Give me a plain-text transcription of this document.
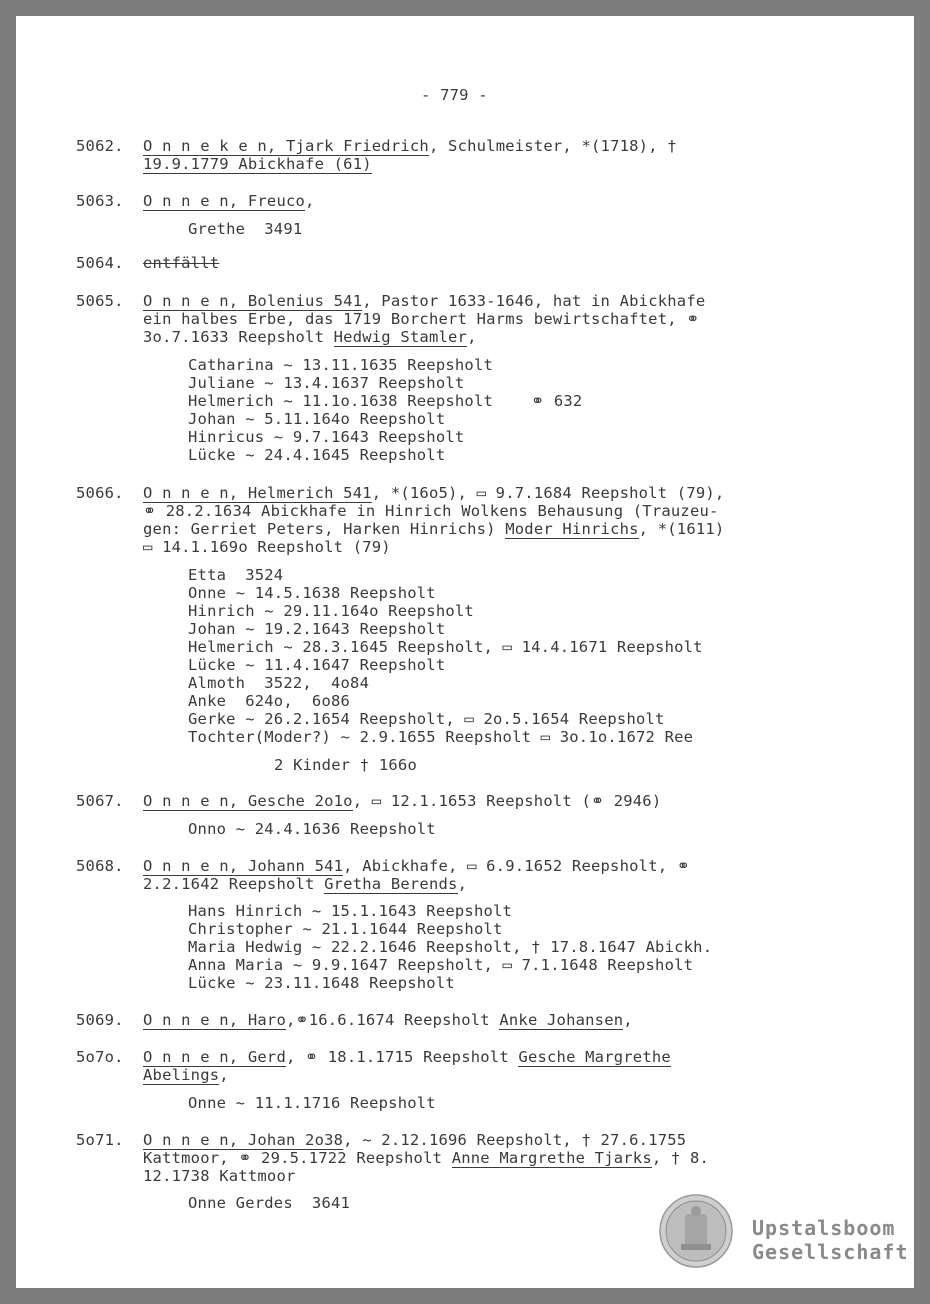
- 779 -
5062. O n n e k e n, Tjark Friedrich, Schulmeister, *(1718), †
19.9.1779 Abickhafe (61)
5063. O n n e n, Freuco,
Grethe  3491
5064. entfällt
5065. O n n e n, Bolenius 541, Pastor 1633-1646, hat in Abickhafe
ein halbes Erbe, das 1719 Borchert Harms bewirtschaftet, ⚭
3o.7.1633 Reepsholt Hedwig Stamler,
Catharina ~ 13.11.1635 Reepsholt
Juliane ~ 13.4.1637 Reepsholt
Helmerich ~ 11.1o.1638 Reepsholt    ⚭ 632
Johan ~ 5.11.164o Reepsholt
Hinricus ~ 9.7.1643 Reepsholt
Lücke ~ 24.4.1645 Reepsholt
5066. O n n e n, Helmerich 541, *(16o5), ▭ 9.7.1684 Reepsholt (79),
⚭ 28.2.1634 Abickhafe in Hinrich Wolkens Behausung (Trauzeu-
gen: Gerriet Peters, Harken Hinrichs) Moder Hinrichs, *(1611)
▭ 14.1.169o Reepsholt (79)
Etta  3524
Onne ~ 14.5.1638 Reepsholt
Hinrich ~ 29.11.164o Reepsholt
Johan ~ 19.2.1643 Reepsholt
Helmerich ~ 28.3.1645 Reepsholt, ▭ 14.4.1671 Reepsholt
Lücke ~ 11.4.1647 Reepsholt
Almoth  3522,  4o84
Anke  624o,  6o86
Gerke ~ 26.2.1654 Reepsholt, ▭ 2o.5.1654 Reepsholt
Tochter(Moder?) ~ 2.9.1655 Reepsholt ▭ 3o.1o.1672 Ree
2 Kinder † 166o
5067. O n n e n, Gesche 2o1o, ▭ 12.1.1653 Reepsholt (⚭ 2946)
Onno ~ 24.4.1636 Reepsholt
5068. O n n e n, Johann 541, Abickhafe, ▭ 6.9.1652 Reepsholt, ⚭
2.2.1642 Reepsholt Gretha Berends,
Hans Hinrich ~ 15.1.1643 Reepsholt
Christopher ~ 21.1.1644 Reepsholt
Maria Hedwig ~ 22.2.1646 Reepsholt, † 17.8.1647 Abickh.
Anna Maria ~ 9.9.1647 Reepsholt, ▭ 7.1.1648 Reepsholt
Lücke ~ 23.11.1648 Reepsholt
5069. O n n e n, Haro,⚭16.6.1674 Reepsholt Anke Johansen,
5o7o. O n n e n, Gerd, ⚭ 18.1.1715 Reepsholt Gesche Margrethe
Abelings,
Onne ~ 11.1.1716 Reepsholt
5o71. O n n e n, Johan 2o38, ~ 2.12.1696 Reepsholt, † 27.6.1755
Kattmoor, ⚭ 29.5.1722 Reepsholt Anne Margrethe Tjarks, † 8.
12.1738 Kattmoor
Onne Gerdes  3641
Upstalsboom
Gesellschaft
